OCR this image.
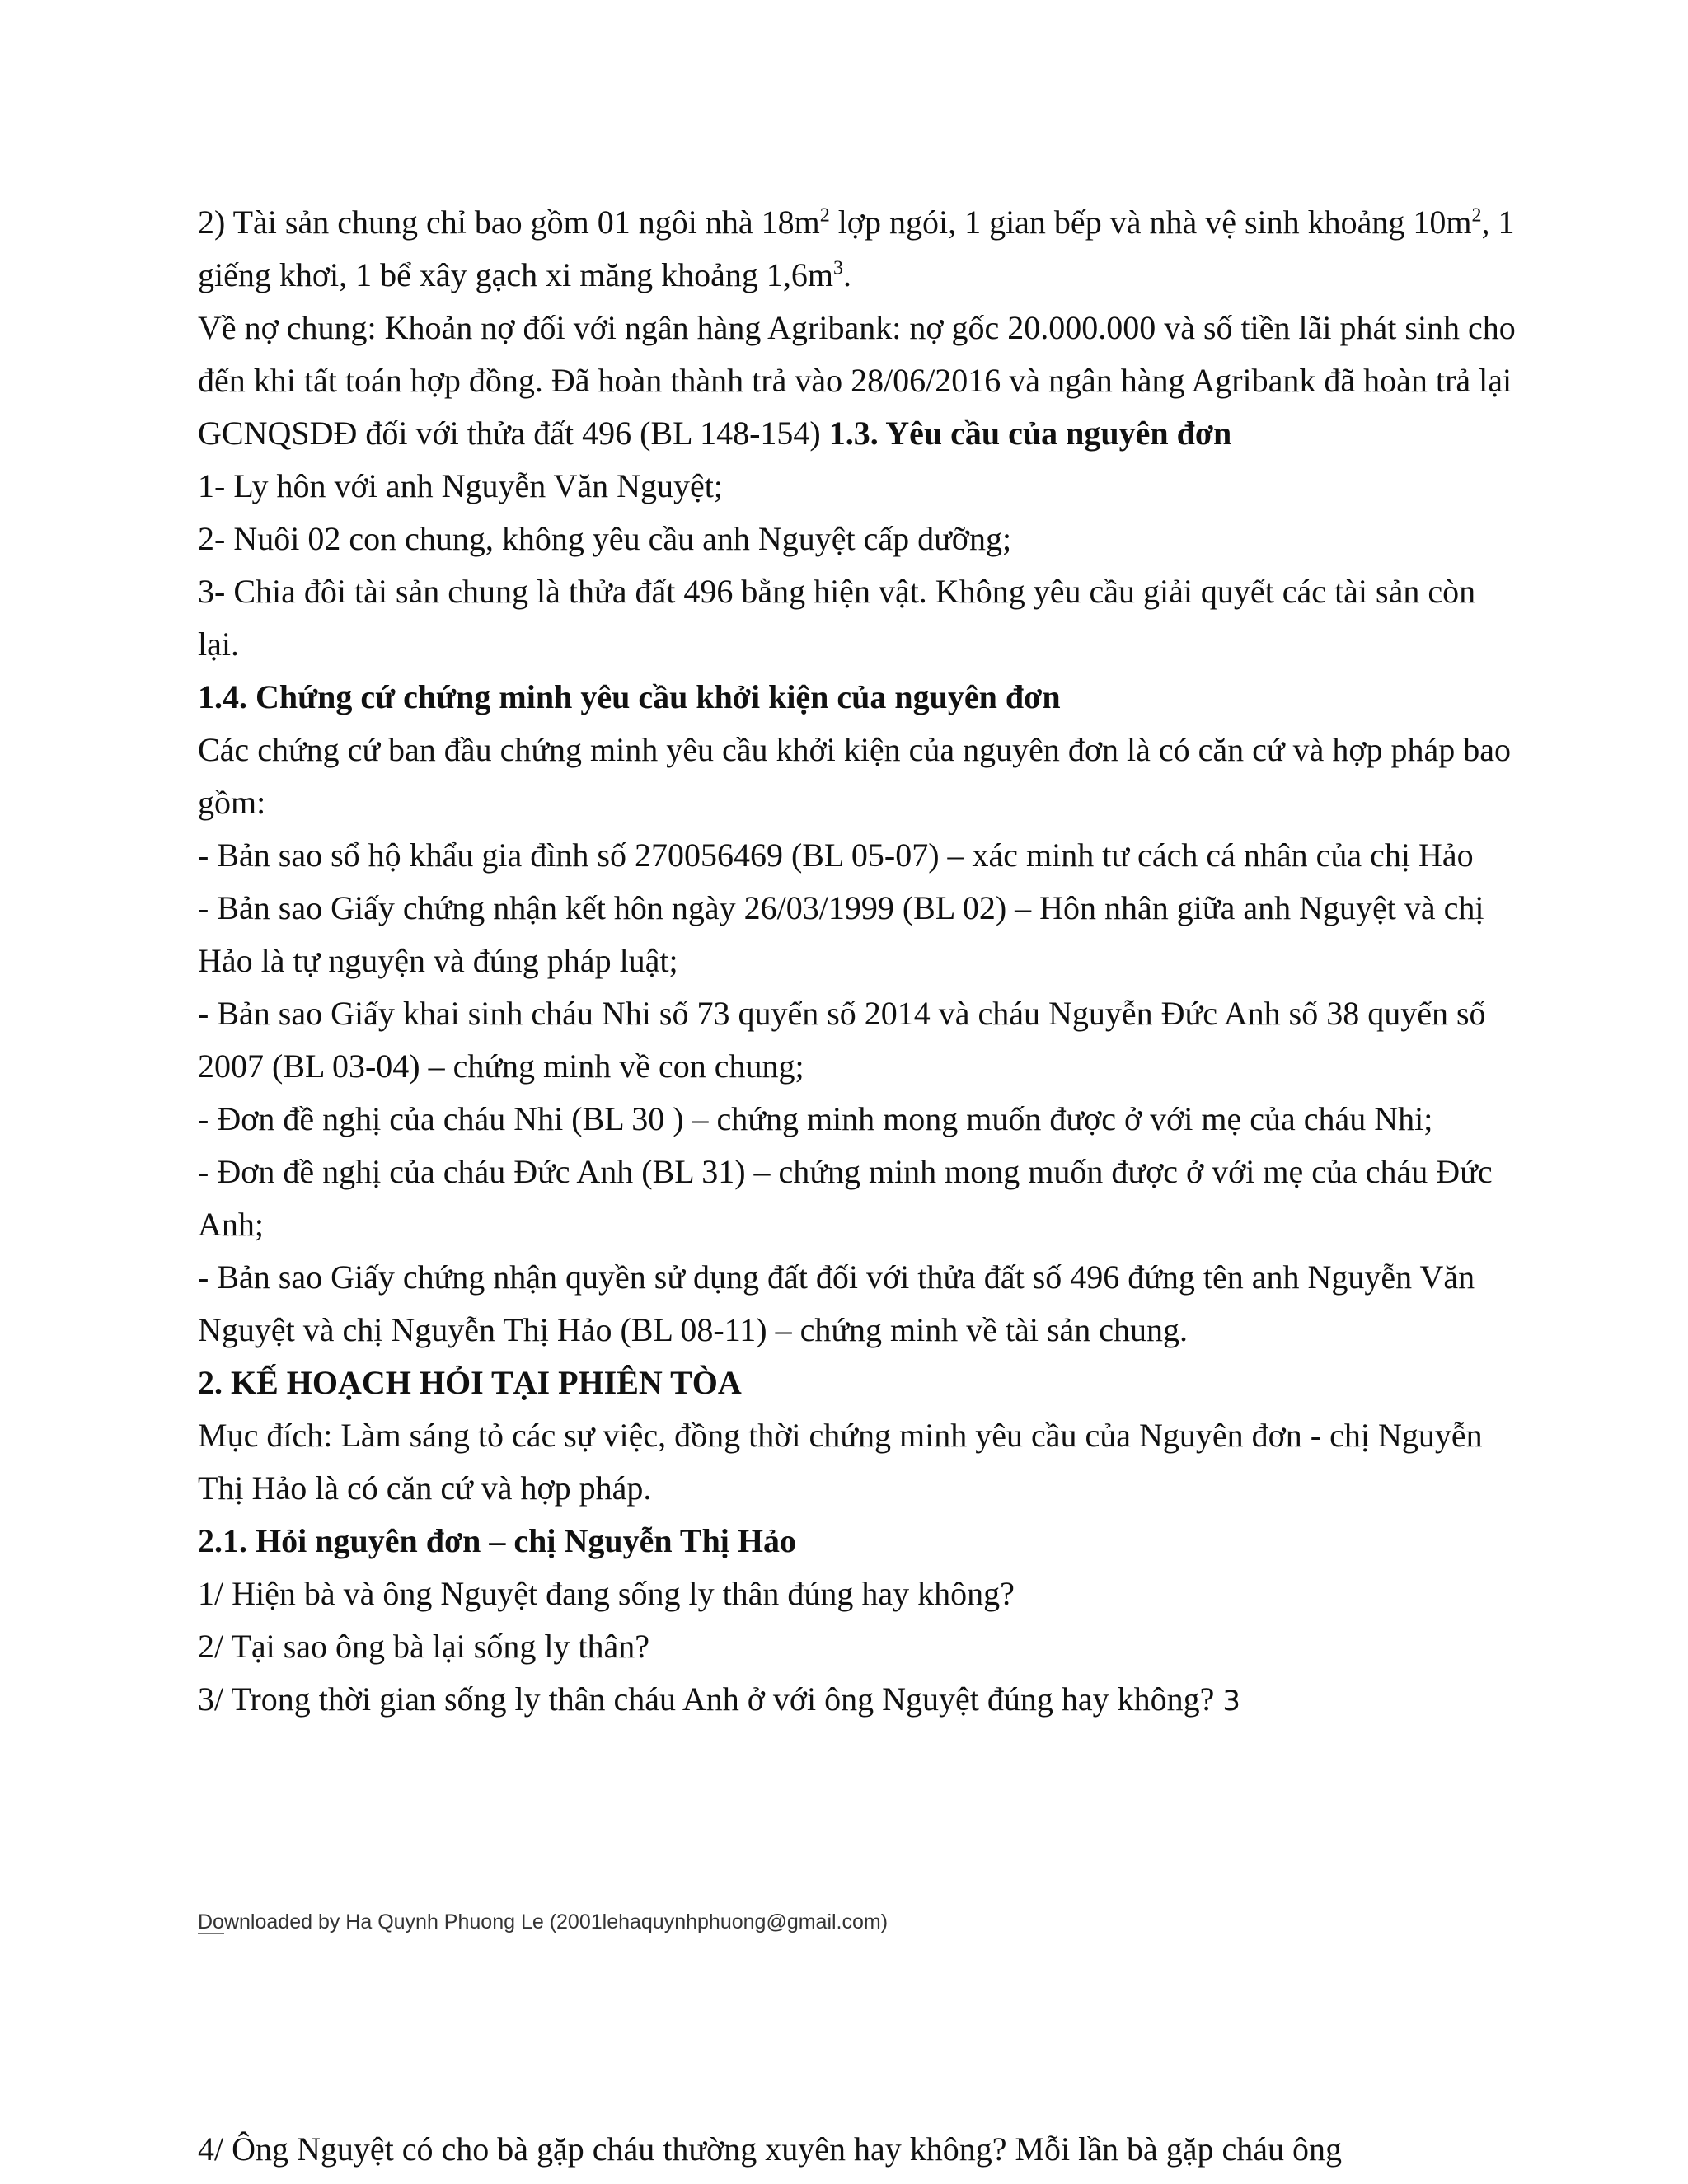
2) Tài sản chung chỉ bao gồm 01 ngôi nhà $18m^2$ lợp ngói, 1 gian bếp và nhà vệ sinh khoảng $10m^2$, 1 giếng khơi, 1 bể xây gạch xi măng khoảng $1,6m^3$.

Về nợ chung: Khoản nợ đối với ngân hàng Agribank: nợ gốc 20.000.000 và số tiền lãi phát sinh cho đến khi tất toán hợp đồng. Đã hoàn thành trả vào 28/06/2016 và ngân hàng Agribank đã hoàn trả lại GCNQSDĐ đối với thửa đất 496 (BL 148-154) 1.3. Yêu cầu của nguyên đơn

1- Ly hôn với anh Nguyễn Văn Nguyệt;

2- Nuôi 02 con chung, không yêu cầu anh Nguyệt cấp dưỡng;

3- Chia đôi tài sản chung là thửa đất 496 bằng hiện vật. Không yêu cầu giải quyết các tài sản còn lại.

1.4. Chứng cứ chứng minh yêu cầu khởi kiện của nguyên đơn

Các chứng cứ ban đầu chứng minh yêu cầu khởi kiện của nguyên đơn là có căn cứ và hợp pháp bao gồm:

- Bản sao sổ hộ khẩu gia đình số 270056469 (BL 05-07) – xác minh tư cách cá nhân của chị Hảo

- Bản sao Giấy chứng nhận kết hôn ngày 26/03/1999 (BL 02) – Hôn nhân giữa anh Nguyệt và chị Hảo là tự nguyện và đúng pháp luật;

- Bản sao Giấy khai sinh cháu Nhi số 73 quyển số 2014 và cháu Nguyễn Đức Anh số 38 quyển số 2007 (BL 03-04) – chứng minh về con chung;

- Đơn đề nghị của cháu Nhi (BL 30 ) – chứng minh mong muốn được ở với mẹ của cháu Nhi;

- Đơn đề nghị của cháu Đức Anh (BL 31) – chứng minh mong muốn được ở với mẹ của cháu Đức Anh;

- Bản sao Giấy chứng nhận quyền sử dụng đất đối với thửa đất số 496 đứng tên anh Nguyễn Văn Nguyệt và chị Nguyễn Thị Hảo (BL 08-11) – chứng minh về tài sản chung.

2. KẾ HOẠCH HỎI TẠI PHIÊN TÒA

Mục đích: Làm sáng tỏ các sự việc, đồng thời chứng minh yêu cầu của Nguyên đơn - chị Nguyễn Thị Hảo là có căn cứ và hợp pháp.

2.1. Hỏi nguyên đơn – chị Nguyễn Thị Hảo

1/ Hiện bà và ông Nguyệt đang sống ly thân đúng hay không?

2/ Tại sao ông bà lại sống ly thân?

3/ Trong thời gian sống ly thân cháu Anh ở với ông Nguyệt đúng hay không? 3

Downloaded by Ha Quynh Phuong Le (2001lehaquynhphuong@gmail.com)
4/ Ông Nguyệt có cho bà gặp cháu thường xuyên hay không? Mỗi lần bà gặp cháu ông
